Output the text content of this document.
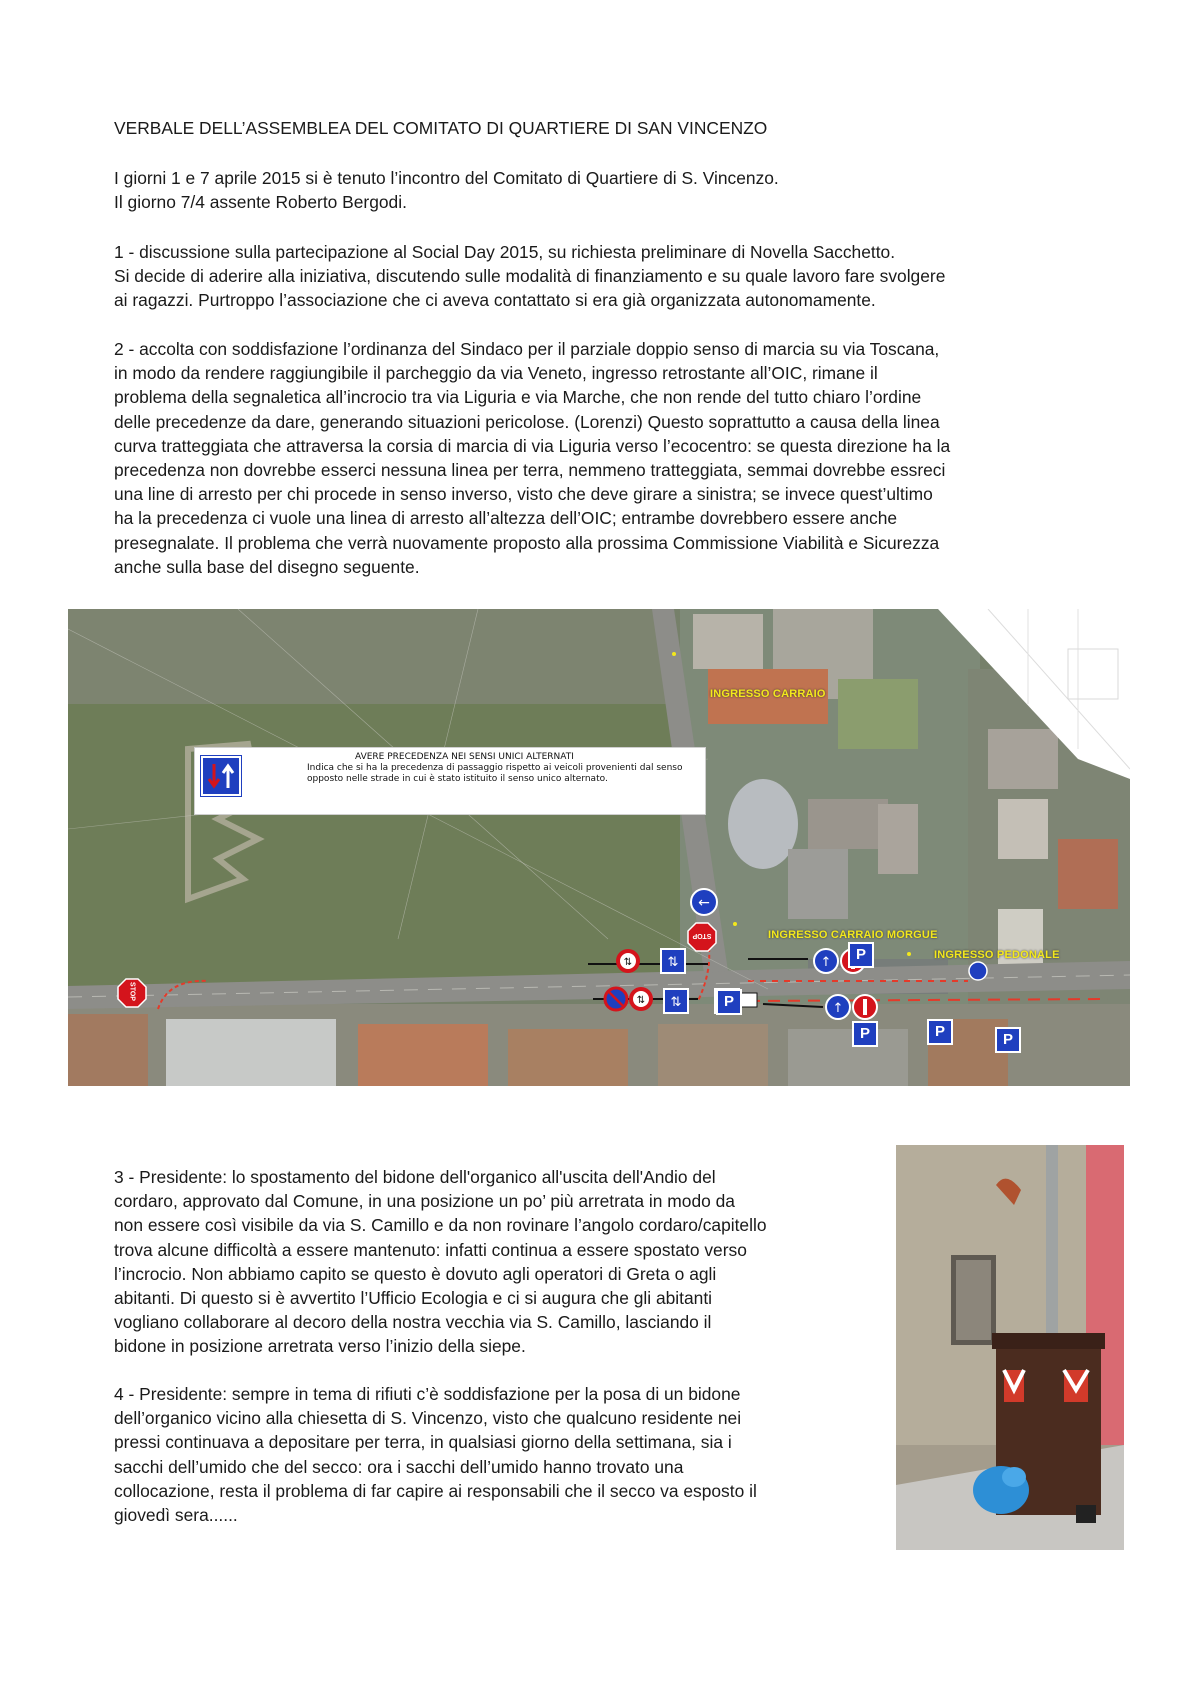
VERBALE DELL’ASSEMBLEA DEL COMITATO DI QUARTIERE DI SAN VINCENZO
I giorni 1 e 7 aprile 2015 si è tenuto l’incontro del Comitato di Quartiere di S. Vincenzo.
Il giorno 7/4 assente Roberto Bergodi.
1 - discussione sulla partecipazione al Social Day 2015, su richiesta preliminare di Novella Sacchetto.
Si decide di aderire alla iniziativa, discutendo sulle modalità di finanziamento e su quale lavoro fare svolgere
ai ragazzi. Purtroppo l’associazione che ci aveva contattato si era già organizzata autonomamente.
2 - accolta con soddisfazione l’ordinanza del Sindaco per il parziale doppio senso di marcia su via Toscana,
in modo da rendere raggiungibile il parcheggio da via Veneto, ingresso retrostante all’OIC, rimane il
problema della segnaletica all’incrocio tra via Liguria e via Marche, che non rende del tutto chiaro l’ordine
delle precedenze da dare, generando situazioni pericolose. (Lorenzi) Questo soprattutto a causa della linea
curva tratteggiata che attraversa la corsia di marcia di via Liguria verso l’ecocentro: se questa direzione ha la
precedenza non dovrebbe esserci nessuna linea per terra, nemmeno tratteggiata, semmai dovrebbe essreci
una line di arresto per chi procede in senso inverso, visto che deve girare a sinistra; se invece quest’ultimo
ha la precedenza ci vuole una linea di arresto all’altezza dell’OIC; entrambe dovrebbero essere anche
presegnalate. Il problema che verrà nuovamente proposto alla prossima Commissione Viabilità e Sicurezza
anche sulla base del disegno seguente.
⇅	⇅
⇅ ⇅
←
↑
↑
P
P
P	P	P
STOP
STOP
INGRESSO CARRAIO
INGRESSO CARRAIO MORGUE
INGRESSO PEDONALE
AVERE PRECEDENZA NEI SENSI UNICI ALTERNATI
Indica che si ha la precedenza di passaggio rispetto ai veicoli provenienti dal senso opposto nelle strade in cui è stato istituito il senso unico alternato.
3 - Presidente: lo spostamento del bidone dell'organico all'uscita dell'Andio del
cordaro, approvato dal Comune, in una posizione un po’ più arretrata in modo da
non essere così visibile da via S. Camillo e da non rovinare l’angolo cordaro/capitello
trova alcune difficoltà a essere mantenuto: infatti continua a essere spostato verso
l’incrocio. Non abbiamo capito se questo è dovuto agli operatori di Greta o agli
abitanti. Di questo si è avvertito l’Ufficio Ecologia e ci si augura che gli abitanti
vogliano collaborare al decoro della nostra vecchia via S. Camillo, lasciando il
bidone in posizione arretrata verso l’inizio della siepe.
4 - Presidente: sempre in tema di rifiuti c’è soddisfazione per la posa di un bidone
dell’organico vicino alla chiesetta di S. Vincenzo, visto che qualcuno residente nei
pressi continuava a depositare per terra, in qualsiasi giorno della settimana, sia i
sacchi dell’umido che del secco: ora i sacchi dell’umido hanno trovato una
collocazione, resta il problema di far capire ai responsabili che il secco va esposto il
giovedì sera......
